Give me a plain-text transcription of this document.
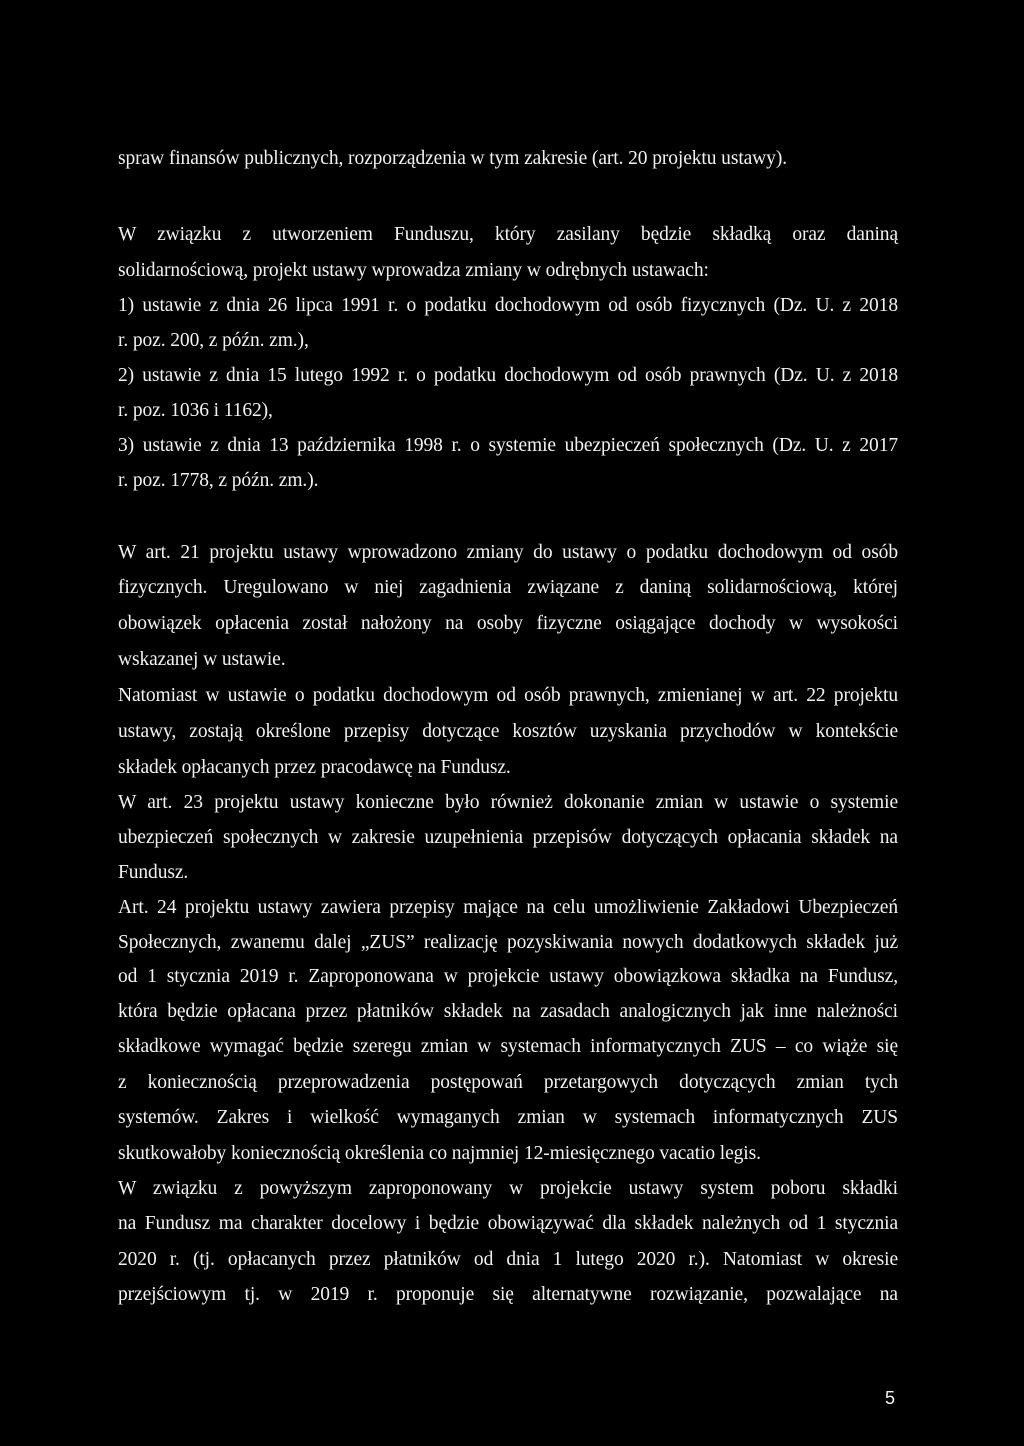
spraw finansów publicznych, rozporządzenia w tym zakresie (art. 20 projektu ustawy).
W związku z utworzeniem Funduszu, który zasilany będzie składką oraz daniną
solidarnościową, projekt ustawy wprowadza zmiany w odrębnych ustawach:
1) ustawie z dnia 26 lipca 1991 r. o podatku dochodowym od osób fizycznych (Dz. U. z 2018
r. poz. 200, z późn. zm.),
2) ustawie z dnia 15 lutego 1992 r. o podatku dochodowym od osób prawnych (Dz. U. z 2018
r. poz. 1036 i 1162),
3) ustawie z dnia 13 października 1998 r. o systemie ubezpieczeń społecznych (Dz. U. z 2017
r. poz. 1778, z późn. zm.).
W art. 21 projektu ustawy wprowadzono zmiany do ustawy o podatku dochodowym od osób
fizycznych. Uregulowano w niej zagadnienia związane z daniną solidarnościową, której
obowiązek opłacenia został nałożony na osoby fizyczne osiągające dochody w wysokości
wskazanej w ustawie.
Natomiast w ustawie o podatku dochodowym od osób prawnych, zmienianej w art. 22 projektu
ustawy, zostają określone przepisy dotyczące kosztów uzyskania przychodów w kontekście
składek opłacanych przez pracodawcę na Fundusz.
W art. 23 projektu ustawy konieczne było również dokonanie zmian w ustawie o systemie
ubezpieczeń społecznych w zakresie uzupełnienia przepisów dotyczących opłacania składek na
Fundusz.
Art. 24 projektu ustawy zawiera przepisy mające na celu umożliwienie Zakładowi Ubezpieczeń
Społecznych, zwanemu dalej „ZUS” realizację pozyskiwania nowych dodatkowych składek już
od 1 stycznia 2019 r. Zaproponowana w projekcie ustawy obowiązkowa składka na Fundusz,
która będzie opłacana przez płatników składek na zasadach analogicznych jak inne należności
składkowe wymagać będzie szeregu zmian w systemach informatycznych ZUS – co wiąże się
z koniecznością przeprowadzenia postępowań przetargowych dotyczących zmian tych
systemów. Zakres i wielkość wymaganych zmian w systemach informatycznych ZUS
skutkowałoby koniecznością określenia co najmniej 12-miesięcznego vacatio legis.
W związku z powyższym zaproponowany w projekcie ustawy system poboru składki
na Fundusz ma charakter docelowy i będzie obowiązywać dla składek należnych od 1 stycznia
2020 r. (tj. opłacanych przez płatników od dnia 1 lutego 2020 r.). Natomiast w okresie
przejściowym tj. w 2019 r. proponuje się alternatywne rozwiązanie, pozwalające na
5
